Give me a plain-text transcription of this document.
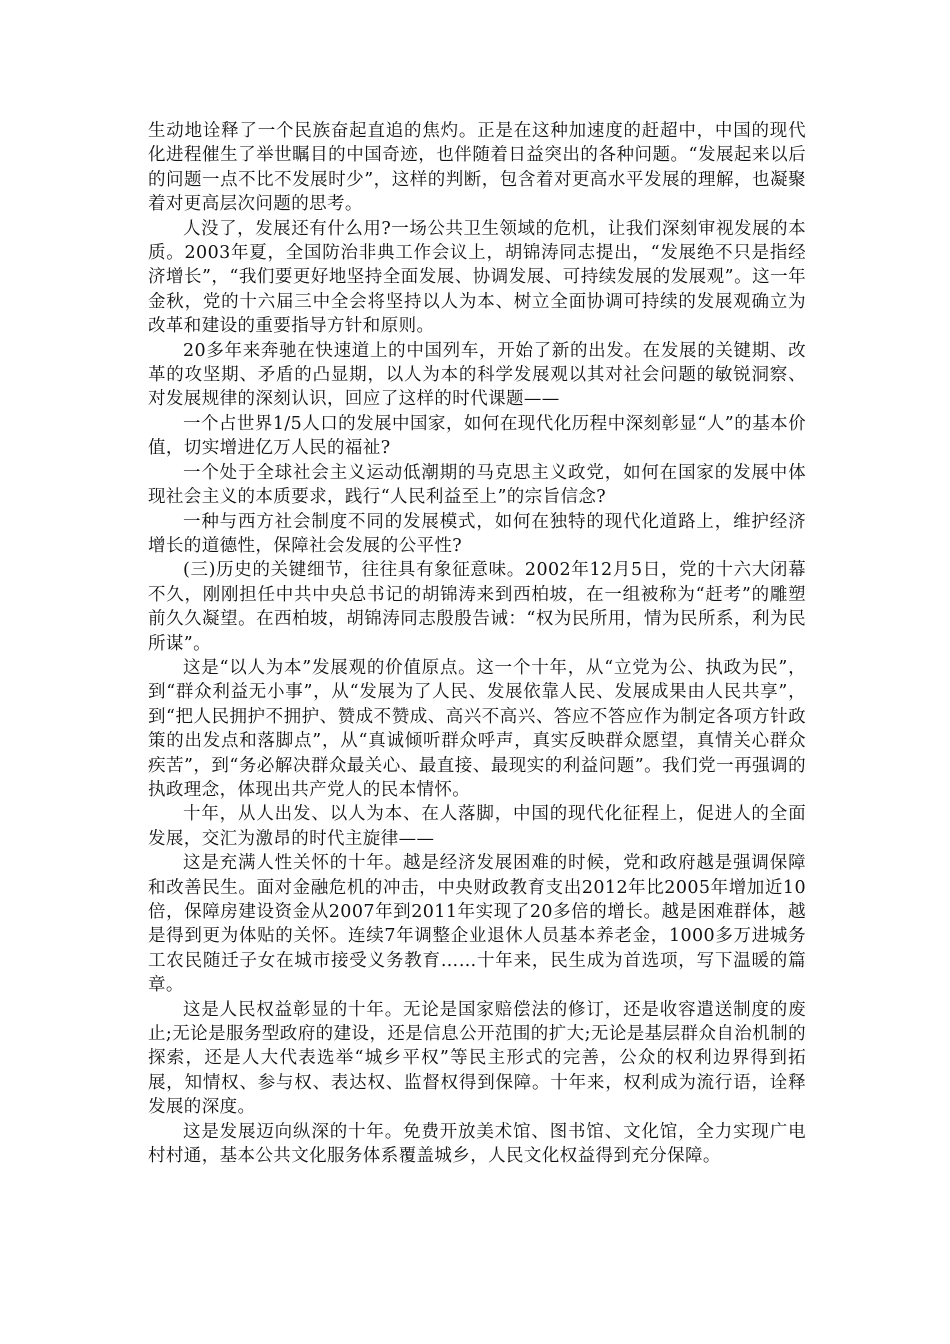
生动地诠释了一个民族奋起直追的焦灼。正是在这种加速度的赶超中，中国的现代化进程催生了举世瞩目的中国奇迹，也伴随着日益突出的各种问题。“发展起来以后的问题一点不比不发展时少”，这样的判断，包含着对更高水平发展的理解，也凝聚着对更高层次问题的思考。

人没了，发展还有什么用?一场公共卫生领域的危机，让我们深刻审视发展的本质。2003年夏，全国防治非典工作会议上，胡锦涛同志提出，“发展绝不只是指经济增长”，“我们要更好地坚持全面发展、协调发展、可持续发展的发展观”。这一年金秋，党的十六届三中全会将坚持以人为本、树立全面协调可持续的发展观确立为改革和建设的重要指导方针和原则。

20多年来奔驰在快速道上的中国列车，开始了新的出发。在发展的关键期、改革的攻坚期、矛盾的凸显期，以人为本的科学发展观以其对社会问题的敏锐洞察、对发展规律的深刻认识，回应了这样的时代课题——

一个占世界1/5人口的发展中国家，如何在现代化历程中深刻彰显“人”的基本价值，切实增进亿万人民的福祉?

一个处于全球社会主义运动低潮期的马克思主义政党，如何在国家的发展中体现社会主义的本质要求，践行“人民利益至上”的宗旨信念?

一种与西方社会制度不同的发展模式，如何在独特的现代化道路上，维护经济增长的道德性，保障社会发展的公平性?

(三)历史的关键细节，往往具有象征意味。2002年12月5日，党的十六大闭幕不久，刚刚担任中共中央总书记的胡锦涛来到西柏坡，在一组被称为“赶考”的雕塑前久久凝望。在西柏坡，胡锦涛同志殷殷告诫：“权为民所用，情为民所系，利为民所谋”。

这是“以人为本”发展观的价值原点。这一个十年，从“立党为公、执政为民”，到“群众利益无小事”，从“发展为了人民、发展依靠人民、发展成果由人民共享”，到“把人民拥护不拥护、赞成不赞成、高兴不高兴、答应不答应作为制定各项方针政策的出发点和落脚点”，从“真诚倾听群众呼声，真实反映群众愿望，真情关心群众疾苦”，到“务必解决群众最关心、最直接、最现实的利益问题”。我们党一再强调的执政理念，体现出共产党人的民本情怀。

十年，从人出发、以人为本、在人落脚，中国的现代化征程上，促进人的全面发展，交汇为激昂的时代主旋律——

这是充满人性关怀的十年。越是经济发展困难的时候，党和政府越是强调保障和改善民生。面对金融危机的冲击，中央财政教育支出2012年比2005年增加近10倍，保障房建设资金从2007年到2011年实现了20多倍的增长。越是困难群体，越是得到更为体贴的关怀。连续7年调整企业退休人员基本养老金，1000多万进城务工农民随迁子女在城市接受义务教育……十年来，民生成为首选项，写下温暖的篇章。

这是人民权益彰显的十年。无论是国家赔偿法的修订，还是收容遣送制度的废止;无论是服务型政府的建设，还是信息公开范围的扩大;无论是基层群众自治机制的探索，还是人大代表选举“城乡平权”等民主形式的完善，公众的权利边界得到拓展，知情权、参与权、表达权、监督权得到保障。十年来，权利成为流行语，诠释发展的深度。

这是发展迈向纵深的十年。免费开放美术馆、图书馆、文化馆，全力实现广电村村通，基本公共文化服务体系覆盖城乡，人民文化权益得到充分保障。
